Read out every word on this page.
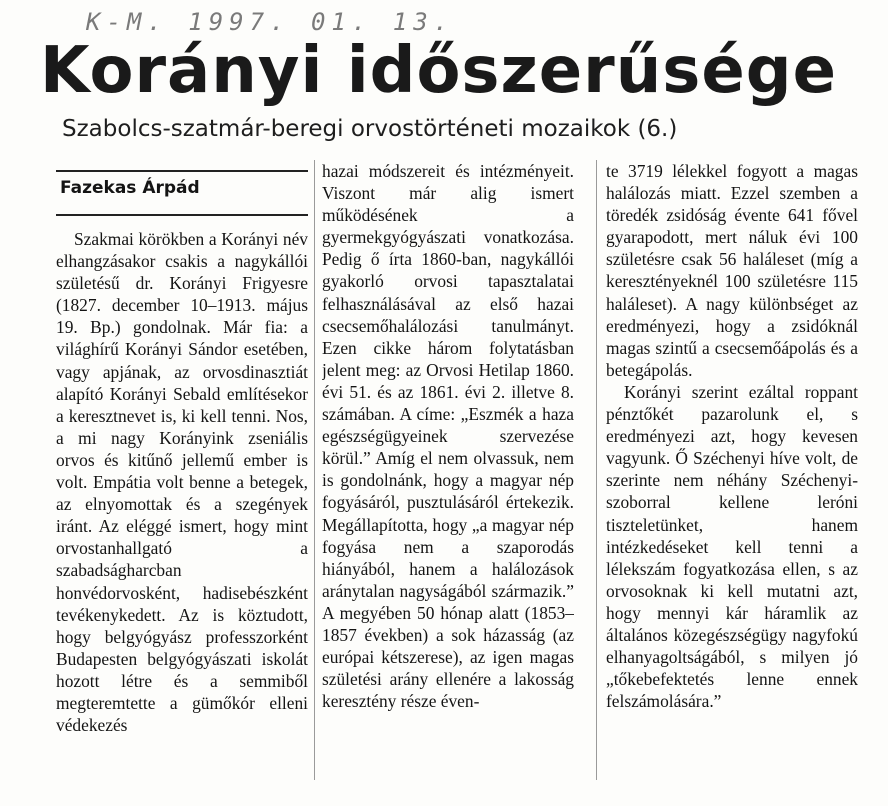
K-M. 1997. 01. 13.
Korányi időszerűsége
Szabolcs-szatmár-beregi orvostörténeti mozaikok (6.)
Fazekas Árpád

Szakmai körökben a Korányi név elhangzásakor csakis a nagykállói születésű dr. Korányi Frigyesre (1827. december 10–1913. május 19. Bp.) gondolnak. Már fia: a világhírű Korányi Sándor esetében, vagy apjának, az orvosdinasztiát alapító Korányi Sebald említésekor a keresztnevet is, ki kell tenni. Nos, a mi nagy Korányink zseniális orvos és kitűnő jellemű ember is volt. Empátia volt benne a betegek, az elnyomottak és a szegények iránt. Az eléggé ismert, hogy mint orvostanhallgató a szabadságharcban honvédorvosként, hadisebészként tevékenykedett. Az is köztudott, hogy belgyógyász professzorként Budapesten belgyógyászati iskolát hozott létre és a semmiből megteremtette a gümőkór elleni védekezés

hazai módszereit és intézményeit. Viszont már alig ismert működésének a gyermekgyógyászati vonatkozása. Pedig ő írta 1860-ban, nagykállói gyakorló orvosi tapasztalatai felhasználásával az első hazai csecsemőhalálozási tanulmányt. Ezen cikke három folytatásban jelent meg: az Orvosi Hetilap 1860. évi 51. és az 1861. évi 2. illetve 8. számában. A címe: „Eszmék a haza egészségügyeinek szervezése körül.” Amíg el nem olvassuk, nem is gondolnánk, hogy a magyar nép fogyásáról, pusztulásáról értekezik. Megállapította, hogy „a magyar nép fogyása nem a szaporodás hiányából, hanem a halálozások aránytalan nagyságából származik.” A megyében 50 hónap alatt (1853–1857 években) a sok házasság (az európai kétszerese), az igen magas születési arány ellenére a lakosság keresztény része éven-

te 3719 lélekkel fogyott a magas halálozás miatt. Ezzel szemben a töredék zsidóság évente 641 fővel gyarapodott, mert náluk évi 100 születésre csak 56 haláleset (míg a keresztényeknél 100 születésre 115 haláleset). A nagy különbséget az eredményezi, hogy a zsidóknál magas szintű a csecsemőápolás és a betegápolás.

Korányi szerint ezáltal roppant pénztőkét pazarolunk el, s eredményezi azt, hogy kevesen vagyunk. Ő Széchenyi híve volt, de szerinte nem néhány Széchenyi-szoborral kellene leróni tiszteletünket, hanem intézkedéseket kell tenni a lélekszám fogyatkozása ellen, s az orvosoknak ki kell mutatni azt, hogy mennyi kár háramlik az általános közegészségügy nagyfokú elhanyagoltságából, s milyen jó „tőkebefektetés lenne ennek felszámolására.”
